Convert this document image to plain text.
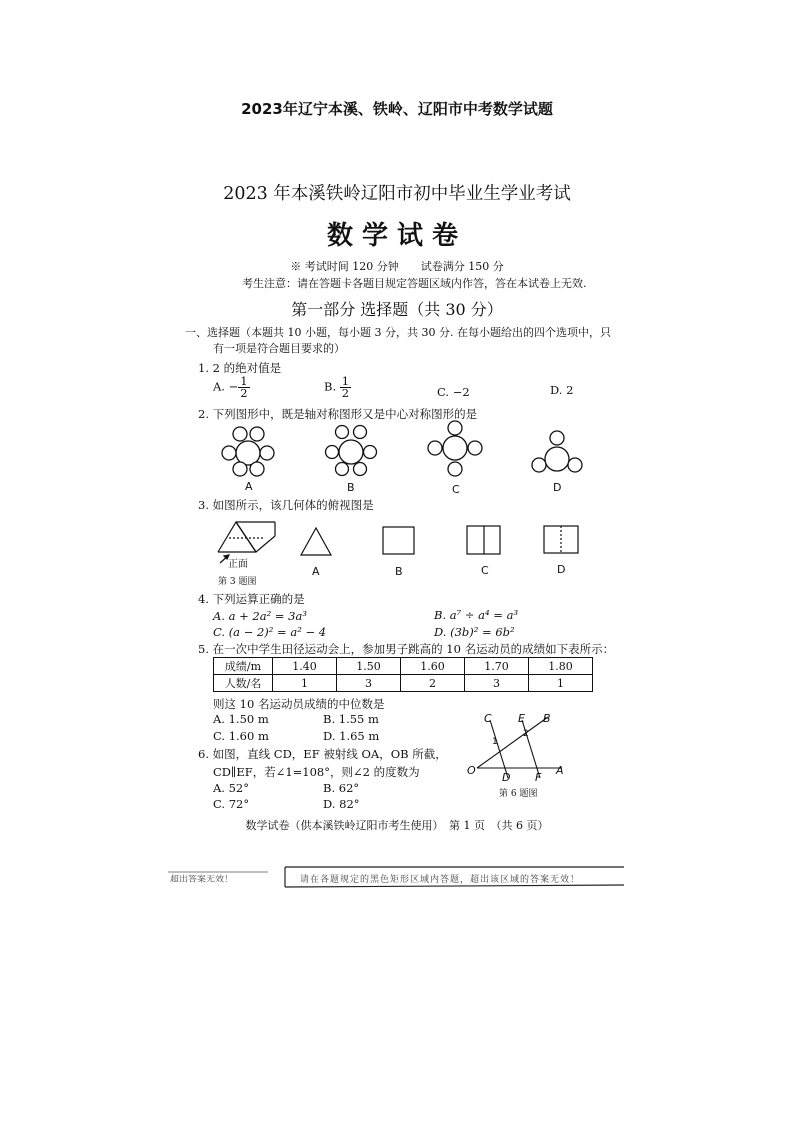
2023年辽宁本溪、铁岭、辽阳市中考数学试题
2023 年本溪铁岭辽阳市初中毕业生学业考试
数学试卷
※ 考试时间 120 分钟　　试卷满分 150 分
考生注意：请在答题卡各题目规定答题区域内作答，答在本试卷上无效.
第一部分 选择题（共 30 分）
一、选择题（本题共 10 小题，每小题 3 分，共 30 分. 在每小题给出的四个选项中，只
有一项是符合题目要求的）
1. 2 的绝对值是
A. − $\frac{1}{2}$	B. $\frac{1}{2}$	C. −2	D. 2
2. 下列图形中，既是轴对称图形又是中心对称图形的是
A	B	C	D
3. 如图所示，该几何体的俯视图是
正面
第 3 题图
A	B	C	D
4. 下列运算正确的是
A. a + 2a² = 3a³	B. a⁷ ÷ a⁴ = a³
C. (a − 2)² = a² − 4	D. (3b)² = 6b²
5. 在一次中学生田径运动会上，参加男子跳高的 10 名运动员的成绩如下表所示：
成绩/m	1.40	1.50	1.60	1.70	1.80
人数/名	1	3	2	3	1
则这 10 名运动员成绩的中位数是
A. 1.50 m	B. 1.55 m
C. 1.60 m	D. 1.65 m
6. 如图，直线 CD，EF 被射线 OA，OB 所截，
CD∥EF，若∠1=108°，则∠2 的度数为
A. 52°	B. 62°
C. 72°	D. 82°
C E B
1
2
O
D F
A
第 6 题图
数学试卷（供本溪铁岭辽阳市考生使用）　第 1 页　（共 6 页）
超出答案无效！	请在各题规定的黑色矩形区域内答题，超出该区域的答案无效！
